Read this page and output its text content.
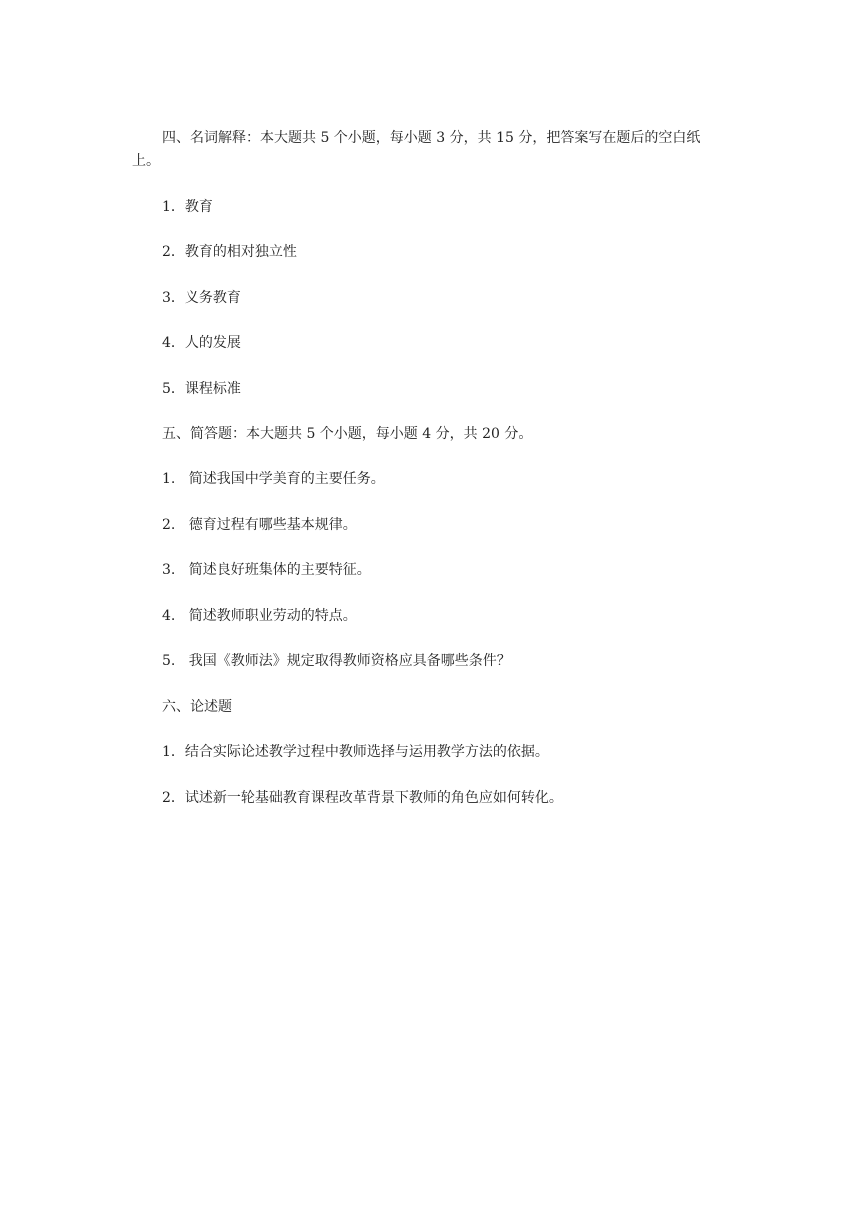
四、名词解释：本大题共 5 个小题，每小题 3 分，共 15 分，把答案写在题后的空白纸
上。
1．教育
2．教育的相对独立性
3．义务教育
4．人的发展
5．课程标准
五、简答题：本大题共 5 个小题，每小题 4 分，共 20 分。
1.   简述我国中学美育的主要任务。
2.   德育过程有哪些基本规律。
3.   简述良好班集体的主要特征。
4.   简述教师职业劳动的特点。
5.   我国《教师法》规定取得教师资格应具备哪些条件？
六、论述题
1．结合实际论述教学过程中教师选择与运用教学方法的依据。
2．试述新一轮基础教育课程改革背景下教师的角色应如何转化。
